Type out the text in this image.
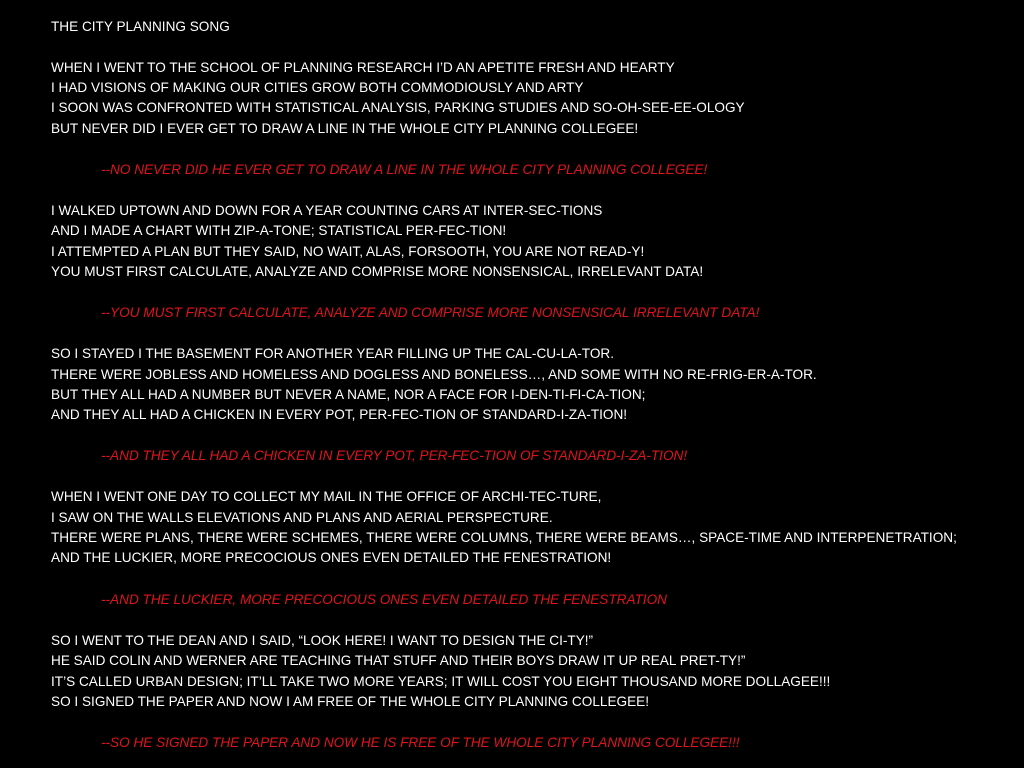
THE CITY PLANNING SONG
WHEN I WENT TO THE SCHOOL OF PLANNING RESEARCH I’D AN APETITE FRESH AND HEARTY
I HAD VISIONS OF MAKING OUR CITIES GROW BOTH COMMODIOUSLY AND ARTY
I SOON WAS CONFRONTED WITH STATISTICAL ANALYSIS, PARKING STUDIES AND SO-OH-SEE-EE-OLOGY
BUT NEVER DID I EVER GET TO DRAW A LINE IN THE WHOLE CITY PLANNING COLLEGEE!
--NO NEVER DID HE EVER GET TO DRAW A LINE IN THE WHOLE CITY PLANNING COLLEGEE!
I WALKED UPTOWN AND DOWN FOR A YEAR COUNTING CARS AT INTER-SEC-TIONS
AND I MADE A CHART WITH ZIP-A-TONE; STATISTICAL PER-FEC-TION!
I ATTEMPTED A PLAN BUT THEY SAID, NO WAIT, ALAS, FORSOOTH, YOU ARE NOT READ-Y!
YOU MUST FIRST CALCULATE, ANALYZE AND COMPRISE MORE NONSENSICAL, IRRELEVANT DATA!
--YOU MUST FIRST CALCULATE, ANALYZE AND COMPRISE MORE NONSENSICAL IRRELEVANT DATA!
SO I STAYED I THE BASEMENT FOR ANOTHER YEAR FILLING UP THE CAL-CU-LA-TOR.
THERE WERE JOBLESS AND HOMELESS AND DOGLESS AND BONELESS…, AND SOME WITH NO RE-FRIG-ER-A-TOR.
BUT THEY ALL HAD A NUMBER BUT NEVER A NAME, NOR A FACE FOR I-DEN-TI-FI-CA-TION;
AND THEY ALL HAD A CHICKEN IN EVERY POT, PER-FEC-TION OF STANDARD-I-ZA-TION!
--AND THEY ALL HAD A CHICKEN IN EVERY POT, PER-FEC-TION OF STANDARD-I-ZA-TION!
WHEN I WENT ONE DAY TO COLLECT MY MAIL IN THE OFFICE OF ARCHI-TEC-TURE,
I SAW ON THE WALLS ELEVATIONS AND PLANS AND AERIAL PERSPECTURE.
THERE WERE PLANS, THERE WERE SCHEMES, THERE WERE COLUMNS, THERE WERE BEAMS…, SPACE-TIME AND INTERPENETRATION;
AND THE LUCKIER, MORE PRECOCIOUS ONES EVEN DETAILED THE FENESTRATION!
--AND THE LUCKIER, MORE PRECOCIOUS ONES EVEN DETAILED THE FENESTRATION
SO I WENT TO THE DEAN AND I SAID, “LOOK HERE! I WANT TO DESIGN THE CI-TY!”
HE SAID COLIN AND WERNER ARE TEACHING THAT STUFF AND THEIR BOYS DRAW IT UP REAL PRET-TY!”
IT’S CALLED URBAN DESIGN; IT’LL TAKE TWO MORE YEARS; IT WILL COST YOU EIGHT THOUSAND MORE DOLLAGEE!!!
SO I SIGNED THE PAPER AND NOW I AM FREE OF THE WHOLE CITY PLANNING COLLEGEE!
--SO HE SIGNED THE PAPER AND NOW HE IS FREE OF THE WHOLE CITY PLANNING COLLEGEE!!!
